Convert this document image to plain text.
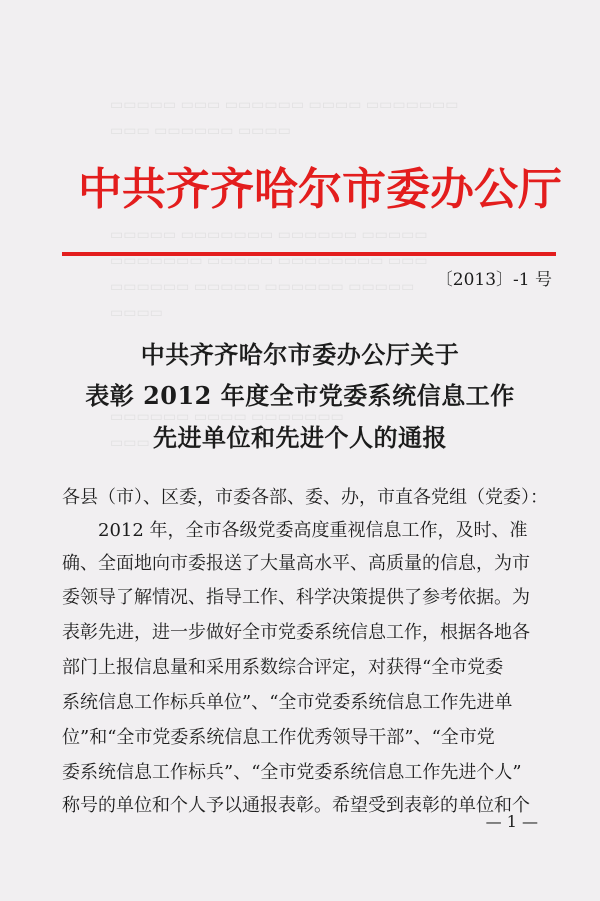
▭▭▭▭▭ ▭▭▭ ▭▭▭▭▭▭ ▭▭▭▭ ▭▭▭▭▭▭▭
▭▭▭ ▭▭▭▭▭▭ ▭▭▭▭

▭▭▭▭▭ ▭▭▭▭▭▭▭ ▭▭▭▭▭▭ ▭▭▭▭▭
▭▭▭▭▭▭▭ ▭▭▭▭▭ ▭▭▭▭▭▭▭▭ ▭▭▭
▭▭▭▭▭▭ ▭▭▭▭▭ ▭▭▭▭▭▭ ▭▭▭▭▭
▭▭▭▭

▭▭▭▭▭▭ ▭▭▭▭ ▭▭▭▭▭▭▭
▭▭▭
中共齐齐哈尔市委办公厅
〔2013〕-1 号
中共齐齐哈尔市委办公厅关于
表彰 2012 年度全市党委系统信息工作
先进单位和先进个人的通报
各县（市）、区委，市委各部、委、办，市直各党组（党委）：
　　2012 年，全市各级党委高度重视信息工作，及时、准
确、全面地向市委报送了大量高水平、高质量的信息，为市
委领导了解情况、指导工作、科学决策提供了参考依据。为
表彰先进，进一步做好全市党委系统信息工作，根据各地各
部门上报信息量和采用系数综合评定，对获得“全市党委
系统信息工作标兵单位”、“全市党委系统信息工作先进单
位”和“全市党委系统信息工作优秀领导干部”、“全市党
委系统信息工作标兵”、“全市党委系统信息工作先进个人”
称号的单位和个人予以通报表彰。希望受到表彰的单位和个
— 1 —
